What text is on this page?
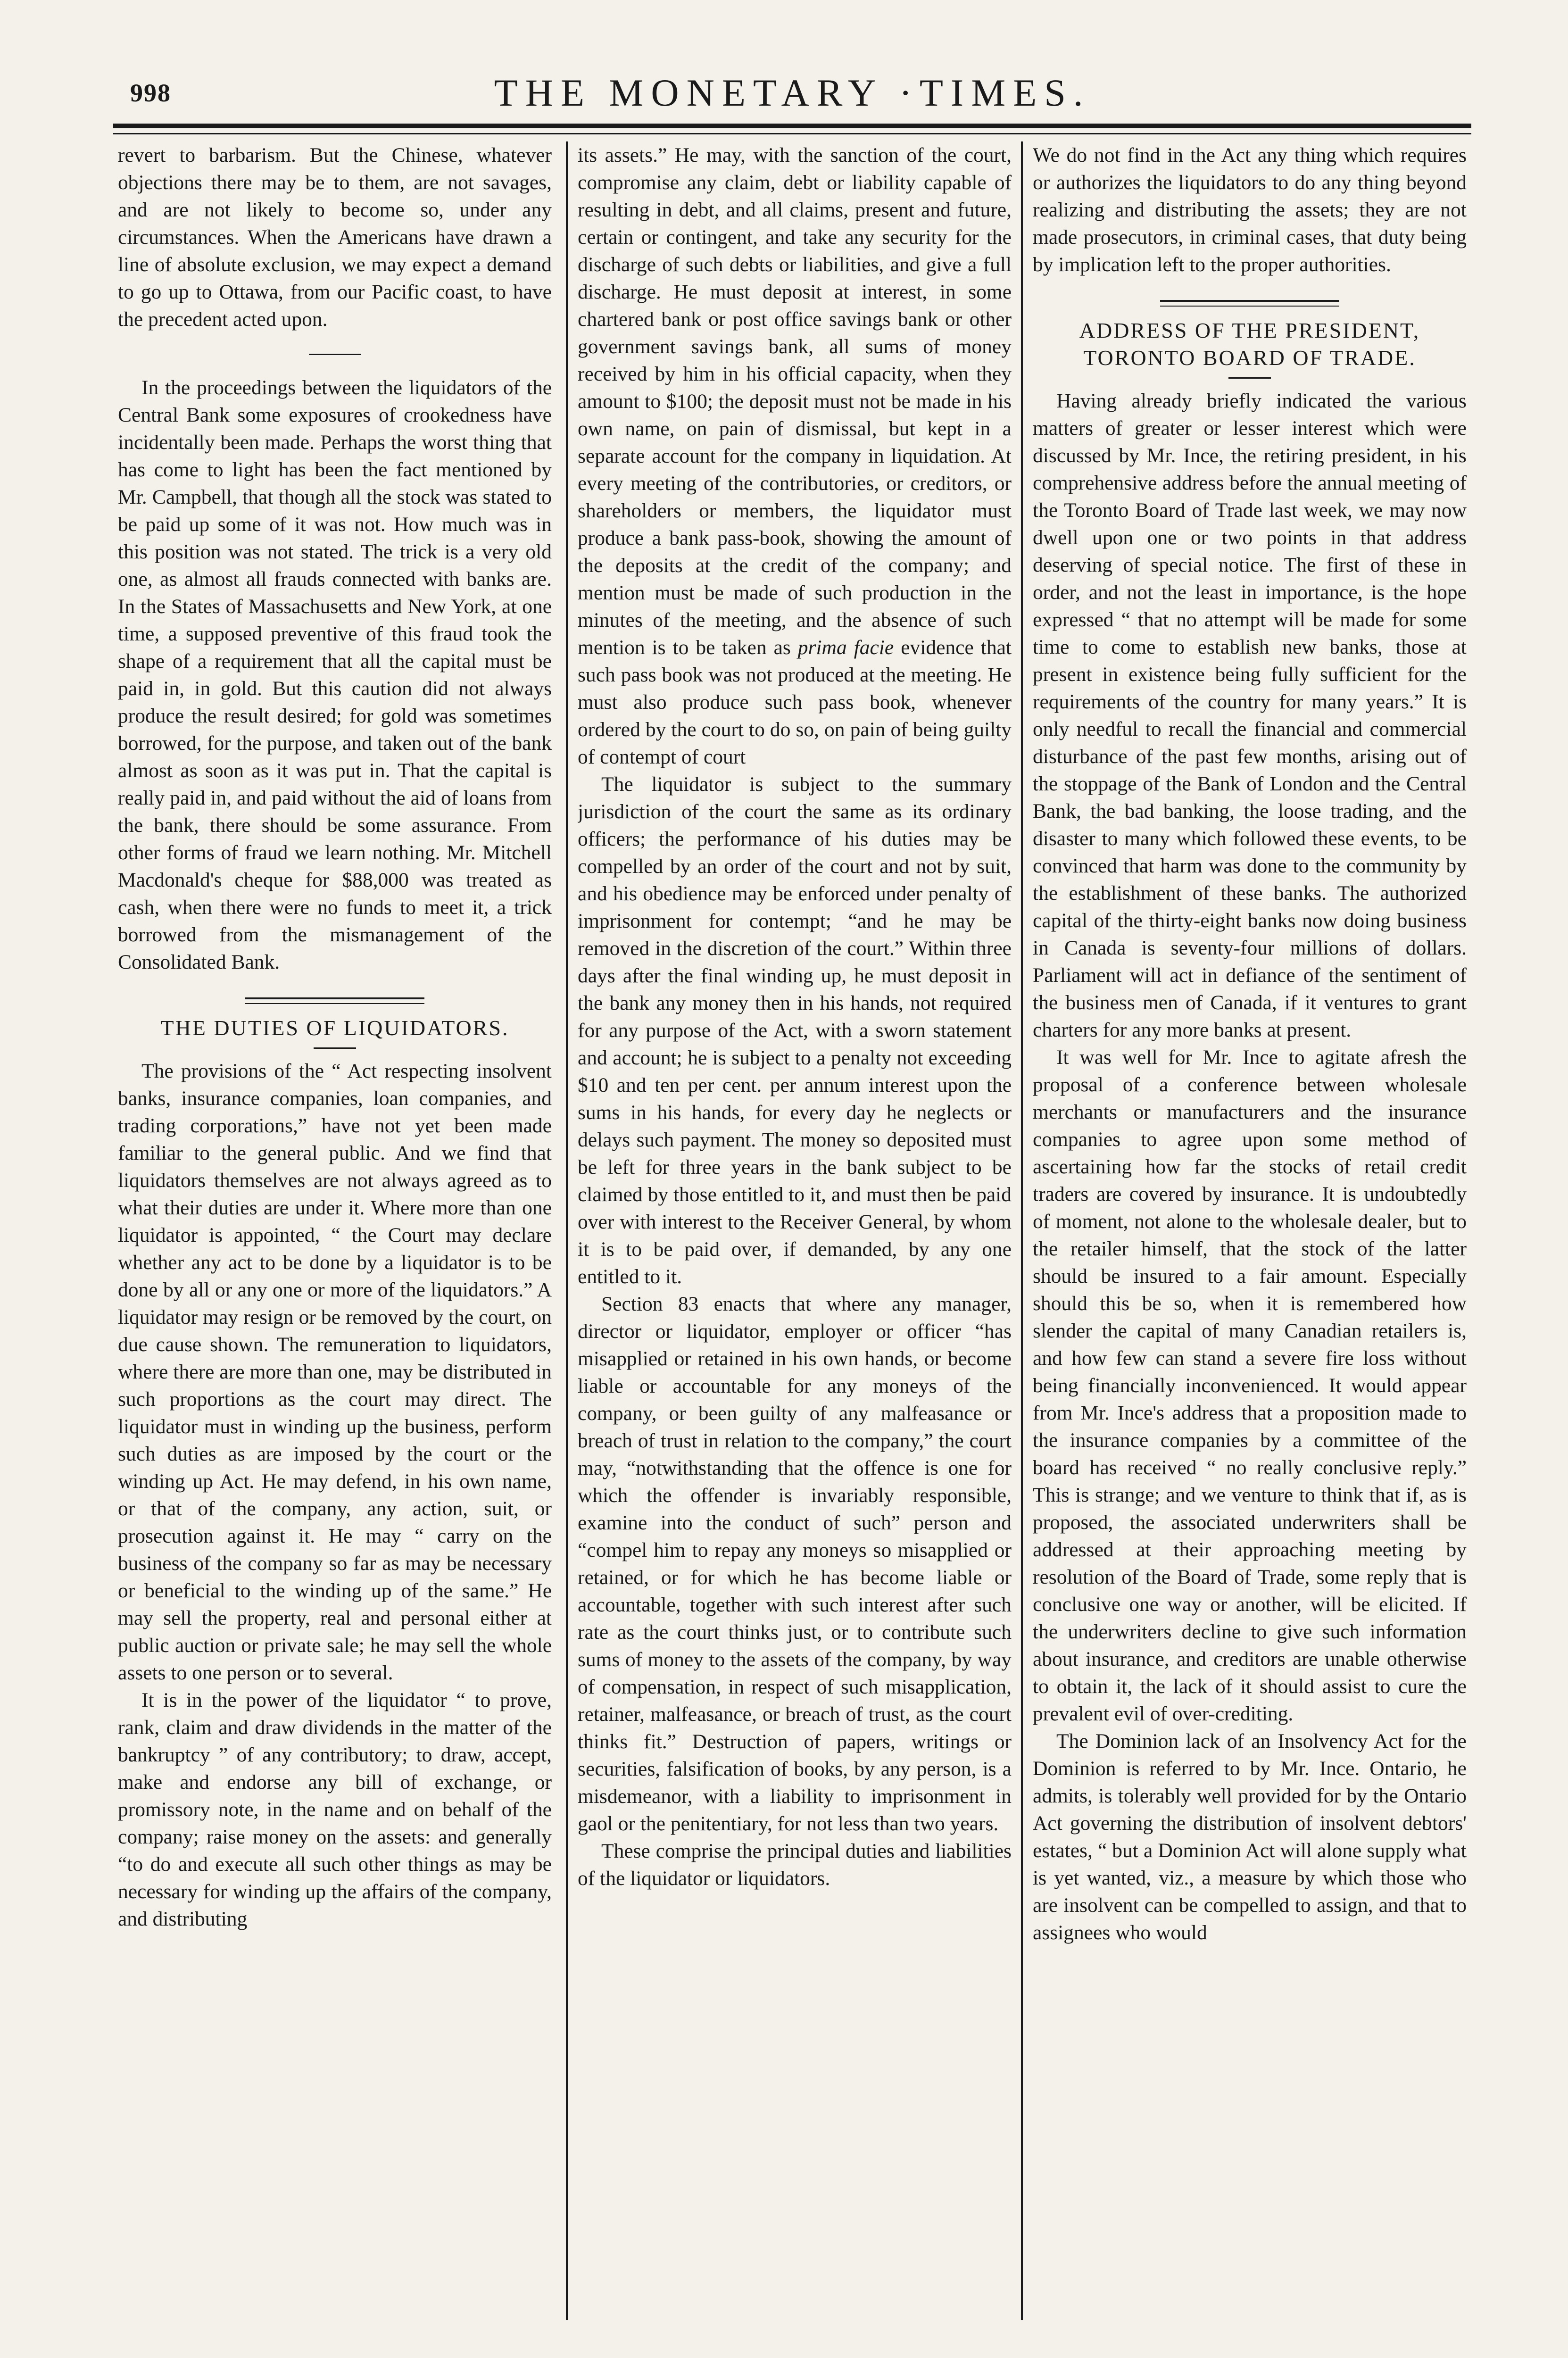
998	THE MONETARY ·TIMES.

revert to barbarism. But the Chinese, whatever objections there may be to them, are not savages, and are not likely to become so, under any circumstances. When the Americans have drawn a line of absolute exclusion, we may expect a demand to go up to Ottawa, from our Pacific coast, to have the precedent acted upon.

In the proceedings between the liquidators of the Central Bank some exposures of crookedness have incidentally been made. Perhaps the worst thing that has come to light has been the fact mentioned by Mr. Campbell, that though all the stock was stated to be paid up some of it was not. How much was in this position was not stated. The trick is a very old one, as almost all frauds connected with banks are. In the States of Massachusetts and New York, at one time, a supposed preventive of this fraud took the shape of a requirement that all the capital must be paid in, in gold. But this caution did not always produce the result desired; for gold was sometimes borrowed, for the purpose, and taken out of the bank almost as soon as it was put in. That the capital is really paid in, and paid without the aid of loans from the bank, there should be some assurance. From other forms of fraud we learn nothing. Mr. Mitchell Macdonald's cheque for $88,000 was treated as cash, when there were no funds to meet it, a trick borrowed from the mismanagement of the Consolidated Bank.

THE DUTIES OF LIQUIDATORS.

The provisions of the “ Act respecting insolvent banks, insurance companies, loan companies, and trading corporations,” have not yet been made familiar to the general public. And we find that liquidators themselves are not always agreed as to what their duties are under it. Where more than one liquidator is appointed, “ the Court may declare whether any act to be done by a liquidator is to be done by all or any one or more of the liquidators.” A liquidator may resign or be removed by the court, on due cause shown. The remuneration to liquidators, where there are more than one, may be distributed in such proportions as the court may direct. The liquidator must in winding up the business, perform such duties as are imposed by the court or the winding up Act. He may defend, in his own name, or that of the company, any action, suit, or prosecution against it. He may “ carry on the business of the company so far as may be necessary or beneficial to the winding up of the same.” He may sell the property, real and personal either at public auction or private sale; he may sell the whole assets to one person or to several.

It is in the power of the liquidator “ to prove, rank, claim and draw dividends in the matter of the bankruptcy ” of any contributory; to draw, accept, make and endorse any bill of exchange, or promissory note, in the name and on behalf of the company; raise money on the assets: and generally “to do and execute all such other things as may be necessary for winding up the affairs of the company, and distributing

its assets.” He may, with the sanction of the court, compromise any claim, debt or liability capable of resulting in debt, and all claims, present and future, certain or contingent, and take any security for the discharge of such debts or liabilities, and give a full discharge. He must deposit at interest, in some chartered bank or post office savings bank or other government savings bank, all sums of money received by him in his official capacity, when they amount to $100; the deposit must not be made in his own name, on pain of dismissal, but kept in a separate account for the company in liquidation. At every meeting of the contributories, or creditors, or shareholders or members, the liquidator must produce a bank pass-book, showing the amount of the deposits at the credit of the company; and mention must be made of such production in the minutes of the meeting, and the absence of such mention is to be taken as prima facie evidence that such pass book was not produced at the meeting. He must also produce such pass book, whenever ordered by the court to do so, on pain of being guilty of contempt of court

The liquidator is subject to the summary jurisdiction of the court the same as its ordinary officers; the performance of his duties may be compelled by an order of the court and not by suit, and his obedience may be enforced under penalty of imprisonment for contempt; “and he may be removed in the discretion of the court.” Within three days after the final winding up, he must deposit in the bank any money then in his hands, not required for any purpose of the Act, with a sworn statement and account; he is subject to a penalty not exceeding $10 and ten per cent. per annum interest upon the sums in his hands, for every day he neglects or delays such payment. The money so deposited must be left for three years in the bank subject to be claimed by those entitled to it, and must then be paid over with interest to the Receiver General, by whom it is to be paid over, if demanded, by any one entitled to it.

Section 83 enacts that where any manager, director or liquidator, employer or officer “has misapplied or retained in his own hands, or become liable or accountable for any moneys of the company, or been guilty of any malfeasance or breach of trust in relation to the company,” the court may, “notwithstanding that the offence is one for which the offender is invariably responsible, examine into the conduct of such” person and “compel him to repay any moneys so misapplied or retained, or for which he has become liable or accountable, together with such interest after such rate as the court thinks just, or to contribute such sums of money to the assets of the company, by way of compensation, in respect of such misapplication, retainer, malfeasance, or breach of trust, as the court thinks fit.” Destruction of papers, writings or securities, falsification of books, by any person, is a misdemeanor, with a liability to imprisonment in gaol or the penitentiary, for not less than two years.

These comprise the principal duties and liabilities of the liquidator or liquidators.

We do not find in the Act any thing which requires or authorizes the liquidators to do any thing beyond realizing and distributing the assets; they are not made prosecutors, in criminal cases, that duty being by implication left to the proper authorities.

ADDRESS OF THE PRESIDENT, TORONTO BOARD OF TRADE.

Having already briefly indicated the various matters of greater or lesser interest which were discussed by Mr. Ince, the retiring president, in his comprehensive address before the annual meeting of the Toronto Board of Trade last week, we may now dwell upon one or two points in that address deserving of special notice. The first of these in order, and not the least in importance, is the hope expressed “ that no attempt will be made for some time to come to establish new banks, those at present in existence being fully sufficient for the requirements of the country for many years.” It is only needful to recall the financial and commercial disturbance of the past few months, arising out of the stoppage of the Bank of London and the Central Bank, the bad banking, the loose trading, and the disaster to many which followed these events, to be convinced that harm was done to the community by the establishment of these banks. The authorized capital of the thirty-eight banks now doing business in Canada is seventy-four millions of dollars. Parliament will act in defiance of the sentiment of the business men of Canada, if it ventures to grant charters for any more banks at present.

It was well for Mr. Ince to agitate afresh the proposal of a conference between wholesale merchants or manufacturers and the insurance companies to agree upon some method of ascertaining how far the stocks of retail credit traders are covered by insurance. It is undoubtedly of moment, not alone to the wholesale dealer, but to the retailer himself, that the stock of the latter should be insured to a fair amount. Especially should this be so, when it is remembered how slender the capital of many Canadian retailers is, and how few can stand a severe fire loss without being financially inconvenienced. It would appear from Mr. Ince's address that a proposition made to the insurance companies by a committee of the board has received “ no really conclusive reply.” This is strange; and we venture to think that if, as is proposed, the associated underwriters shall be addressed at their approaching meeting by resolution of the Board of Trade, some reply that is conclusive one way or another, will be elicited. If the underwriters decline to give such information about insurance, and creditors are unable otherwise to obtain it, the lack of it should assist to cure the prevalent evil of over-crediting.

The Dominion lack of an Insolvency Act for the Dominion is referred to by Mr. Ince. Ontario, he admits, is tolerably well provided for by the Ontario Act governing the distribution of insolvent debtors' estates, “ but a Dominion Act will alone supply what is yet wanted, viz., a measure by which those who are insolvent can be compelled to assign, and that to assignees who would
